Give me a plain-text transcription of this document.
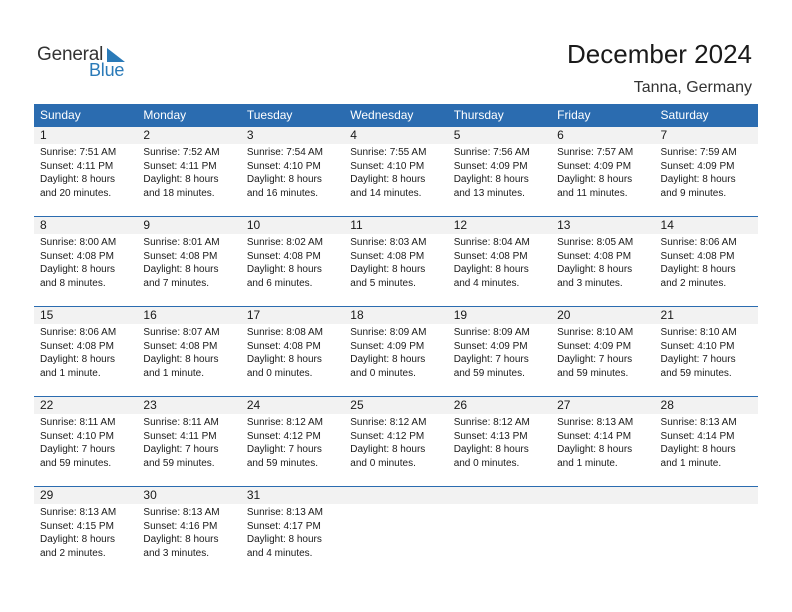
General
Blue
December 2024
Tanna, Germany
Sunday	Monday	Tuesday	Wednesday	Thursday	Friday	Saturday
1	2	3	4	5	6	7
Sunrise: 7:51 AM
Sunset: 4:11 PM
Daylight: 8 hours
and 20 minutes.
Sunrise: 7:52 AM
Sunset: 4:11 PM
Daylight: 8 hours
and 18 minutes.
Sunrise: 7:54 AM
Sunset: 4:10 PM
Daylight: 8 hours
and 16 minutes.
Sunrise: 7:55 AM
Sunset: 4:10 PM
Daylight: 8 hours
and 14 minutes.
Sunrise: 7:56 AM
Sunset: 4:09 PM
Daylight: 8 hours
and 13 minutes.
Sunrise: 7:57 AM
Sunset: 4:09 PM
Daylight: 8 hours
and 11 minutes.
Sunrise: 7:59 AM
Sunset: 4:09 PM
Daylight: 8 hours
and 9 minutes.
8	9	10	11	12	13	14
Sunrise: 8:00 AM
Sunset: 4:08 PM
Daylight: 8 hours
and 8 minutes.
Sunrise: 8:01 AM
Sunset: 4:08 PM
Daylight: 8 hours
and 7 minutes.
Sunrise: 8:02 AM
Sunset: 4:08 PM
Daylight: 8 hours
and 6 minutes.
Sunrise: 8:03 AM
Sunset: 4:08 PM
Daylight: 8 hours
and 5 minutes.
Sunrise: 8:04 AM
Sunset: 4:08 PM
Daylight: 8 hours
and 4 minutes.
Sunrise: 8:05 AM
Sunset: 4:08 PM
Daylight: 8 hours
and 3 minutes.
Sunrise: 8:06 AM
Sunset: 4:08 PM
Daylight: 8 hours
and 2 minutes.
15	16	17	18	19	20	21
Sunrise: 8:06 AM
Sunset: 4:08 PM
Daylight: 8 hours
and 1 minute.
Sunrise: 8:07 AM
Sunset: 4:08 PM
Daylight: 8 hours
and 1 minute.
Sunrise: 8:08 AM
Sunset: 4:08 PM
Daylight: 8 hours
and 0 minutes.
Sunrise: 8:09 AM
Sunset: 4:09 PM
Daylight: 8 hours
and 0 minutes.
Sunrise: 8:09 AM
Sunset: 4:09 PM
Daylight: 7 hours
and 59 minutes.
Sunrise: 8:10 AM
Sunset: 4:09 PM
Daylight: 7 hours
and 59 minutes.
Sunrise: 8:10 AM
Sunset: 4:10 PM
Daylight: 7 hours
and 59 minutes.
22	23	24	25	26	27	28
Sunrise: 8:11 AM
Sunset: 4:10 PM
Daylight: 7 hours
and 59 minutes.
Sunrise: 8:11 AM
Sunset: 4:11 PM
Daylight: 7 hours
and 59 minutes.
Sunrise: 8:12 AM
Sunset: 4:12 PM
Daylight: 7 hours
and 59 minutes.
Sunrise: 8:12 AM
Sunset: 4:12 PM
Daylight: 8 hours
and 0 minutes.
Sunrise: 8:12 AM
Sunset: 4:13 PM
Daylight: 8 hours
and 0 minutes.
Sunrise: 8:13 AM
Sunset: 4:14 PM
Daylight: 8 hours
and 1 minute.
Sunrise: 8:13 AM
Sunset: 4:14 PM
Daylight: 8 hours
and 1 minute.
29	30	31
Sunrise: 8:13 AM
Sunset: 4:15 PM
Daylight: 8 hours
and 2 minutes.
Sunrise: 8:13 AM
Sunset: 4:16 PM
Daylight: 8 hours
and 3 minutes.
Sunrise: 8:13 AM
Sunset: 4:17 PM
Daylight: 8 hours
and 4 minutes.
